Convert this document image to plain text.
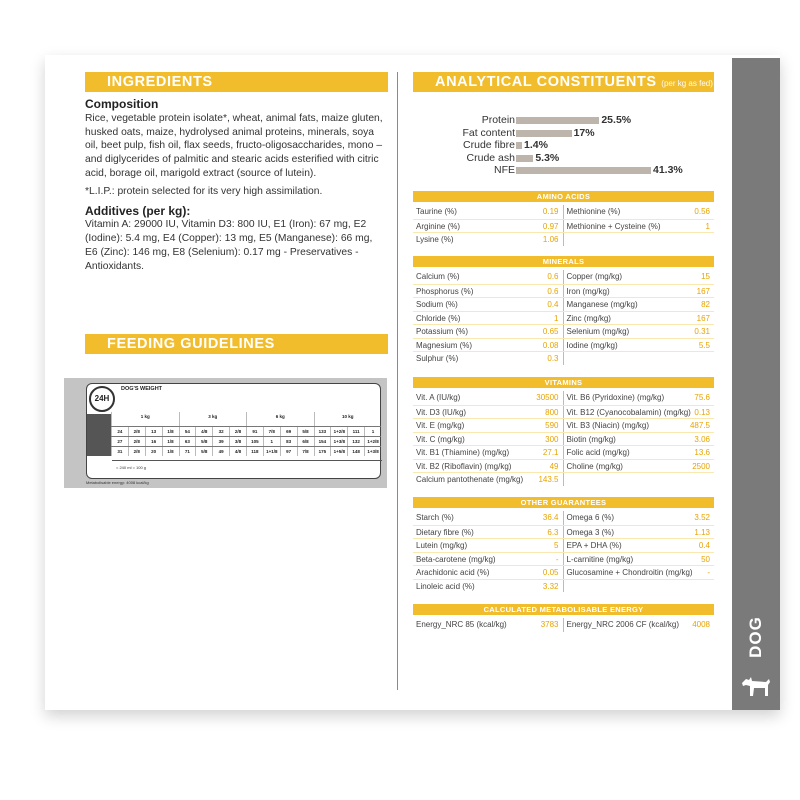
INGREDIENTS
Composition

Rice, vegetable protein isolate*, wheat, animal fats, maize gluten, husked oats, maize, hydrolysed animal proteins, minerals, soya oil, beet pulp, fish oil, flax seeds, fructo-oligosaccharides, mono – and diglycerides of palmitic and stearic acids esterified with citric acid, borage oil, marigold extract (source of lutein).

*L.I.P.: protein selected for its very high assimilation.

Additives (per kg):

Vitamin A: 29000 IU, Vitamin D3: 800 IU, E1 (Iron): 67 mg, E2 (Iodine): 5.4 mg, E4 (Copper): 13 mg, E5 (Manganese): 66 mg, E6 (Zinc): 146 mg, E8 (Selenium): 0.17 mg - Preservatives - Antioxidants.

FEEDING GUIDELINES
24H
DOG'S WEIGHT
1 kg	3 kg	6 kg	10 kg
24	2/8	13	1/8	54	4/8	32	2/8	91	7/8	69	5/8	133	1+2/8	111	1
27	2/8	16	1/8	63	5/8	39	3/8	105	1	83	6/8	154	1+3/8	132	1+2/8
31	2/8	20	1/8	71	5/8	49	4/8	118	1+1/8	97	7/8	175	1+5/8	148	1+3/8
= 240 ml = 100 g
Metabolisable energy: 4008 kcal/kg
ANALYTICAL CONSTITUENTS (per kg as fed)
Protein	25.5%
Fat content	17%
Crude fibre 1.4%
Crude ash 5.3%
NFE	41.3%
AMINO ACIDS
Taurine (%)	0.19	Methionine (%)	0.56
Arginine (%)	0.97	Methionine + Cysteine (%)	1
Lysine (%)	1.06
MINERALS
Calcium (%)	0.6	Copper (mg/kg)	15
Phosphorus (%)	0.6	Iron (mg/kg)	167
Sodium (%)	0.4	Manganese (mg/kg)	82
Chloride (%)	1	Zinc (mg/kg)	167
Potassium (%)	0.65	Selenium (mg/kg)	0.31
Magnesium (%)	0.08	Iodine (mg/kg)	5.5
Sulphur (%)	0.3
VITAMINS
Vit. A (IU/kg)	30500	Vit. B6 (Pyridoxine) (mg/kg)	75.6
Vit. D3 (IU/kg)	800	Vit. B12 (Cyanocobalamin) (mg/kg) 0.13
Vit. E (mg/kg)	590	Vit. B3 (Niacin) (mg/kg)	487.5
Vit. C (mg/kg)	300	Biotin (mg/kg)	3.06
Vit. B1 (Thiamine) (mg/kg)	27.1	Folic acid (mg/kg)	13.6
Vit. B2 (Riboflavin) (mg/kg)	49	Choline (mg/kg)	2500
Calcium pantothenate (mg/kg)	143.5
OTHER GUARANTEES
Starch (%)	36.4	Omega 6 (%)	3.52
Dietary fibre (%)	6.3	Omega 3 (%)	1.13
Lutein (mg/kg)	5	EPA + DHA (%)	0.4
Beta-carotene (mg/kg)	-	L-carnitine (mg/kg)	50
Arachidonic acid (%)	0.05	Glucosamine + Chondroitin (mg/kg)	-
Linoleic acid (%)	3.32
CALCULATED METABOLISABLE ENERGY
Energy_NRC 85 (kcal/kg)	3783	Energy_NRC 2006 CF (kcal/kg)	4008 DOG
